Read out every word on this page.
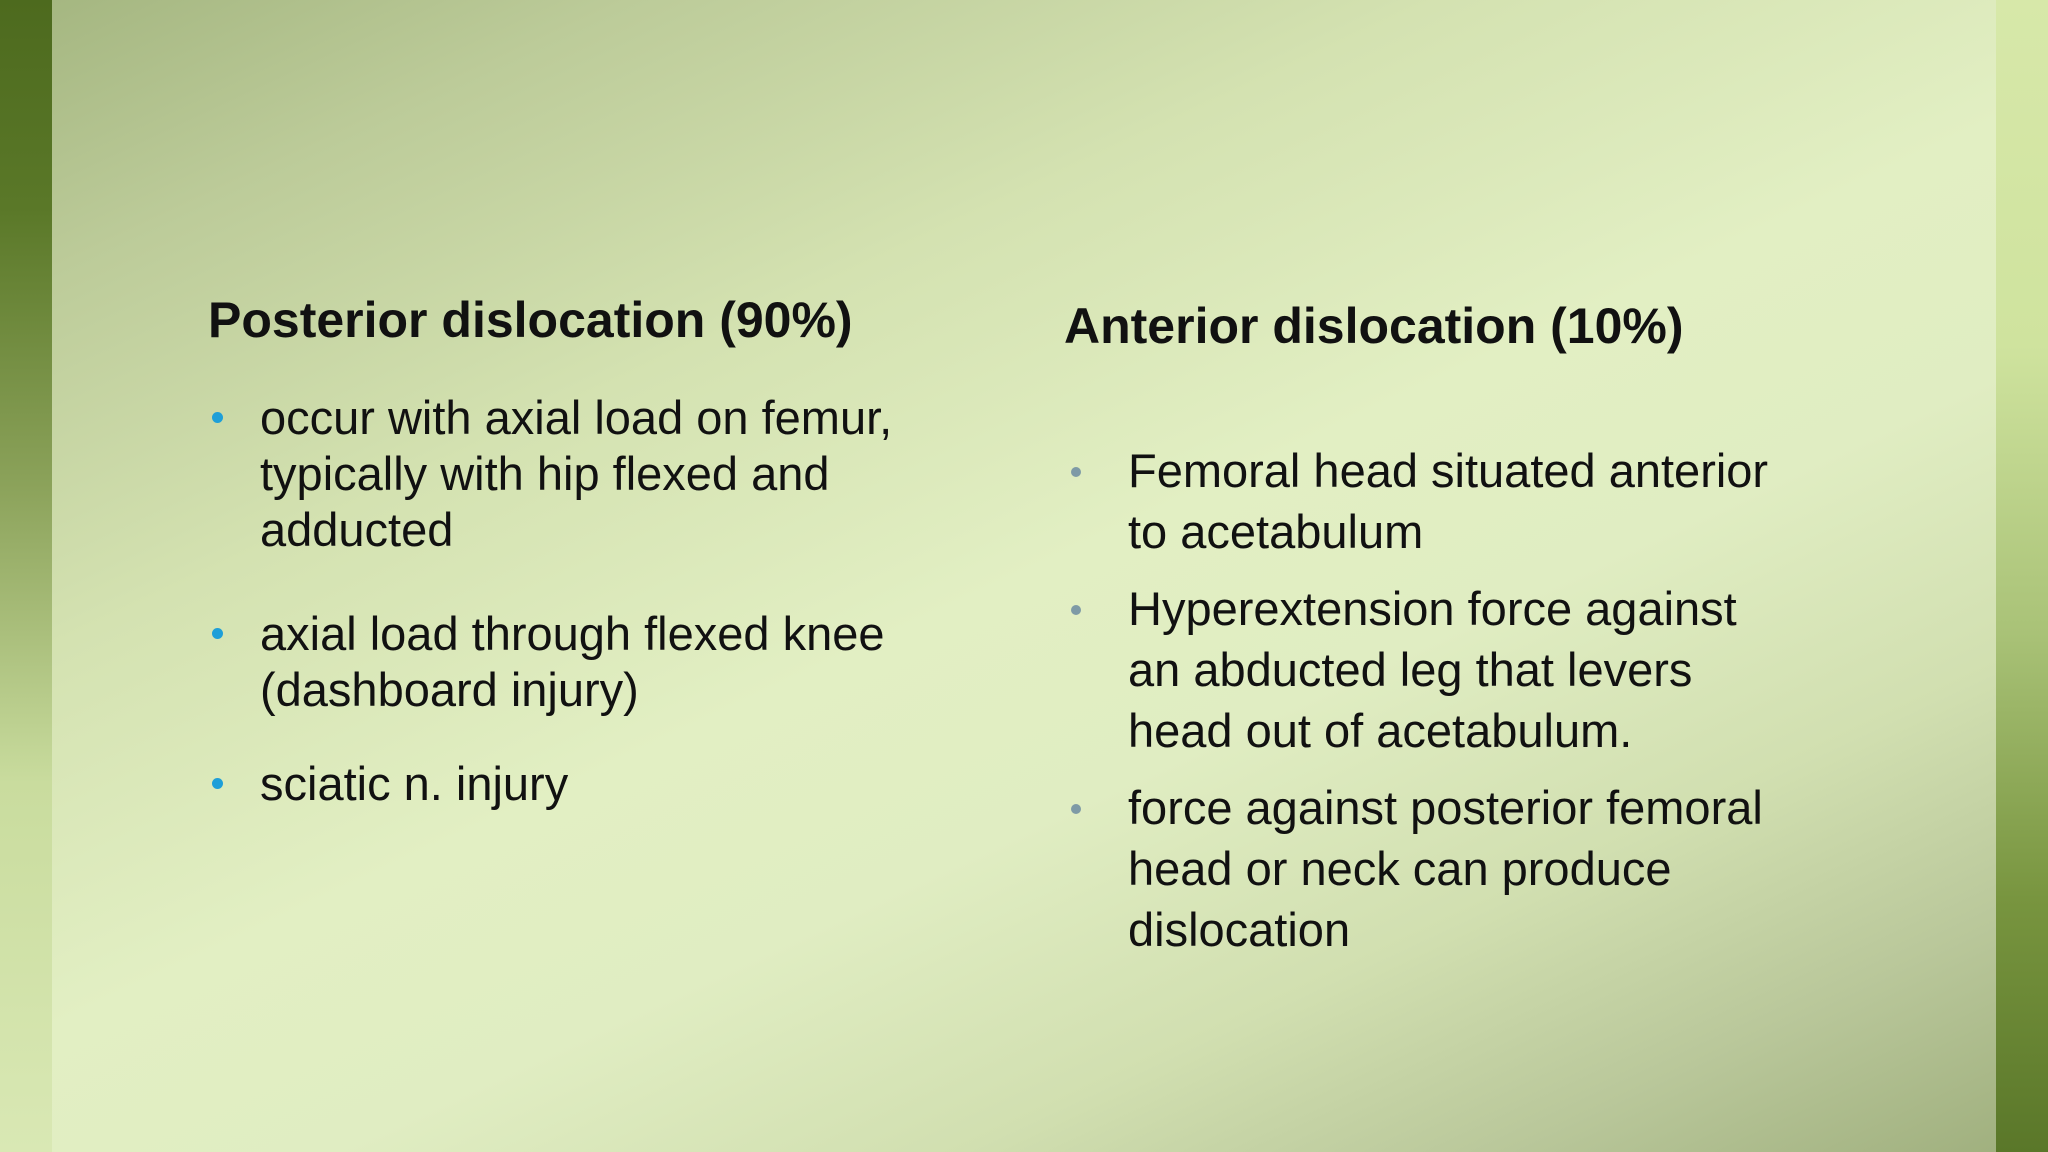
Posterior dislocation (90%)
occur with axial load on femur, typically with hip flexed and adducted
axial load through flexed knee (dashboard injury)
sciatic n. injury
Anterior dislocation (10%)
Femoral head situated anterior to acetabulum
Hyperextension force against an abducted leg that levers head out of acetabulum.
force against posterior femoral head or neck can produce dislocation
